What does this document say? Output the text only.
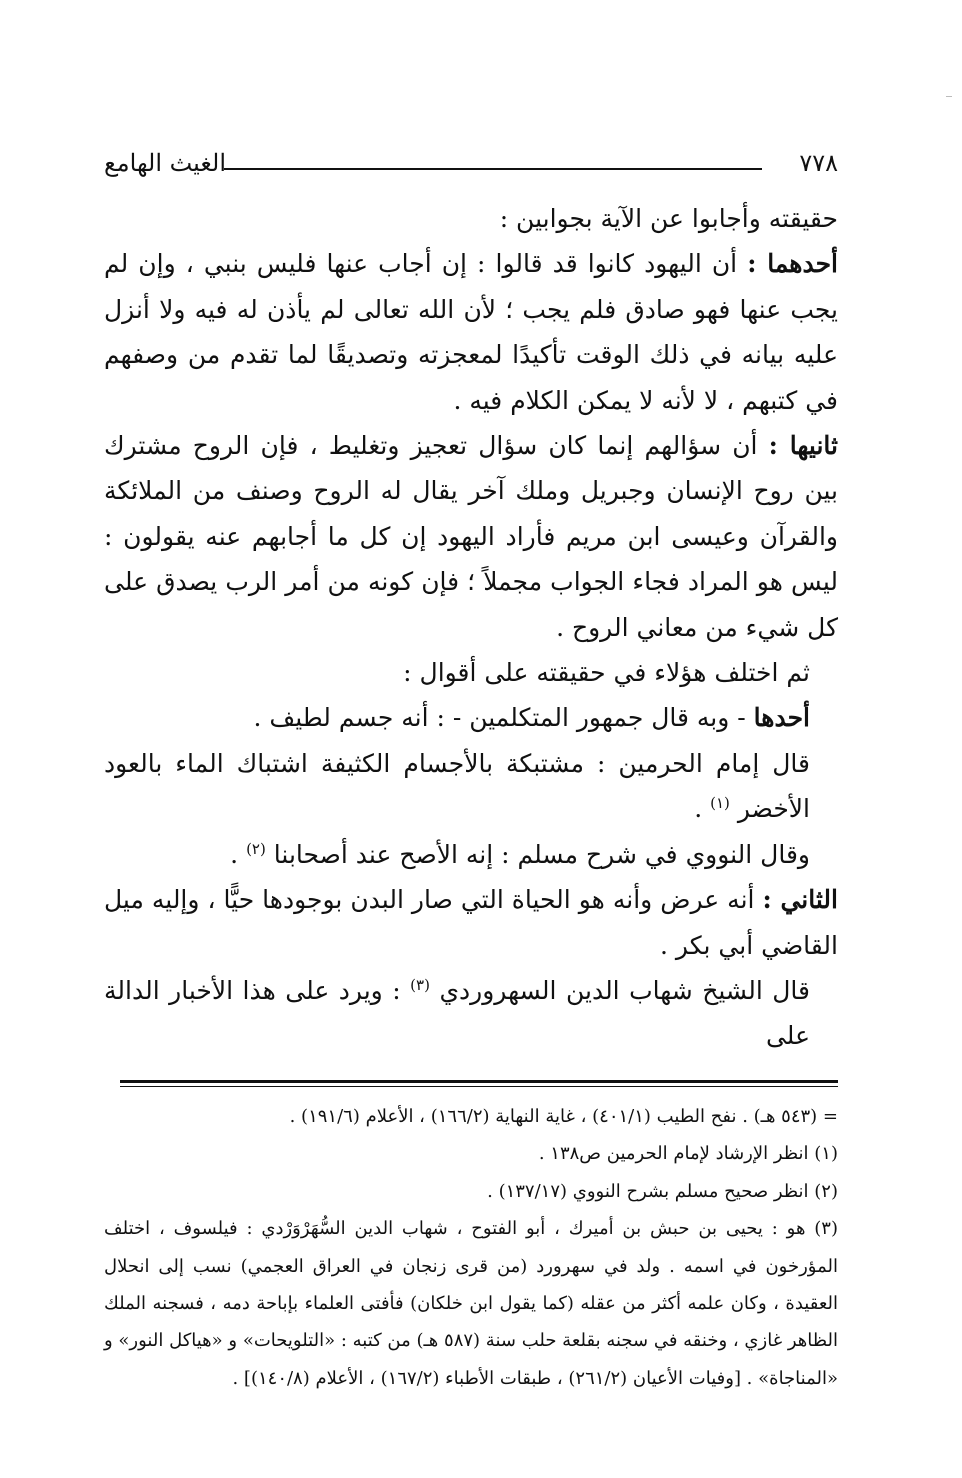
٧٧٨
الغيث الهامع

حقيقته وأجابوا عن الآية بجوابين :

أحدهما : أن اليهود كانوا قد قالوا : إن أجاب عنها فليس بنبي ، وإن لم يجب عنها فهو صادق فلم يجب ؛ لأن الله تعالى لم يأذن له فيه ولا أنزل عليه بيانه في ذلك الوقت تأكيدًا لمعجزته وتصديقًا لما تقدم من وصفهم في كتبهم ، لا لأنه لا يمكن الكلام فيه .

ثانيها : أن سؤالهم إنما كان سؤال تعجيز وتغليط ، فإن الروح مشترك بين روح الإنسان وجبريل وملك آخر يقال له الروح وصنف من الملائكة والقرآن وعيسى ابن مريم فأراد اليهود إن كل ما أجابهم عنه يقولون : ليس هو المراد فجاء الجواب مجملاً ؛ فإن كونه من أمر الرب يصدق على كل شيء من معاني الروح .

ثم اختلف هؤلاء في حقيقته على أقوال :

أحدها - وبه قال جمهور المتكلمين - : أنه جسم لطيف .

قال إمام الحرمين : مشتبكة بالأجسام الكثيفة اشتباك الماء بالعود الأخضر $^{(١)}$ .

وقال النووي في شرح مسلم : إنه الأصح عند أصحابنا $^{(٢)}$ .

الثاني : أنه عرض وأنه هو الحياة التي صار البدن بوجودها حيًّا ، وإليه ميل القاضي أبي بكر .

قال الشيخ شهاب الدين السهروردي $^{(٣)}$ : ويرد على هذا الأخبار الدالة على

= (٥٤٣ هـ) . نفح الطيب (٤٠١/١) ، غاية النهاية (١٦٦/٢) ، الأعلام (١٩١/٦) .

(١) انظر الإرشاد لإمام الحرمين ص١٣٨ .

(٢) انظر صحيح مسلم بشرح النووي (١٣٧/١٧) .

(٣) هو : يحيى بن حبش بن أميرك ، أبو الفتوح ، شهاب الدين السُّهَرْوَرْدي : فيلسوف ، اختلف المؤرخون في اسمه . ولد في سهرورد (من قرى زنجان في العراق العجمي) نسب إلى انحلال العقيدة ، وكان علمه أكثر من عقله (كما يقول ابن خلكان) فأفتى العلماء بإباحة دمه ، فسجنه الملك الظاهر غازي ، وخنقه في سجنه بقلعة حلب سنة (٥٨٧ هـ) من كتبه : «التلويحات» و «هياكل النور» و «المناجاة» . [وفيات الأعيان (٢٦١/٢) ، طبقات الأطباء (١٦٧/٢) ، الأعلام (١٤٠/٨)] .
